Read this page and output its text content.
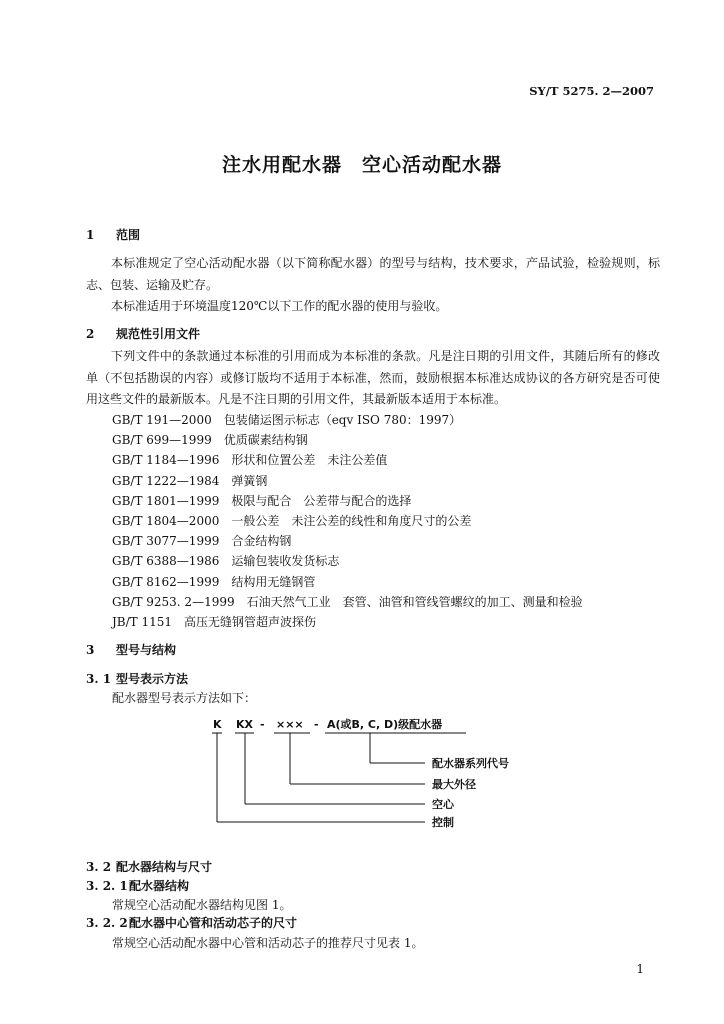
SY/T 5275. 2—2007
注水用配水器　空心活动配水器
1 范围
本标准规定了空心活动配水器（以下简称配水器）的型号与结构，技术要求，产品试验，检验规则，标志、包装、运输及贮存。
本标准适用于环境温度120℃以下工作的配水器的使用与验收。
2 规范性引用文件
下列文件中的条款通过本标准的引用而成为本标准的条款。凡是注日期的引用文件，其随后所有的修改单（不包括勘误的内容）或修订版均不适用于本标准，然而，鼓励根据本标准达成协议的各方研究是否可使用这些文件的最新版本。凡是不注日期的引用文件，其最新版本适用于本标准。
GB/T 191—2000　包装储运图示标志（eqv ISO 780：1997）
GB/T 699—1999　优质碳素结构钢
GB/T 1184—1996　形状和位置公差　未注公差值
GB/T 1222—1984　弹簧钢
GB/T 1801—1999　极限与配合　公差带与配合的选择
GB/T 1804—2000　一般公差　未注公差的线性和角度尺寸的公差
GB/T 3077—1999　合金结构钢
GB/T 6388—1986　运输包装收发货标志
GB/T 8162—1999　结构用无缝钢管
GB/T 9253. 2—1999　石油天然气工业　套管、油管和管线管螺纹的加工、测量和检验
JB/T 1151　高压无缝钢管超声波探伤
3 型号与结构
3. 1 型号表示方法
配水器型号表示方法如下：
K KX - ××× - A(或B, C, D)级配水器
配水器系列代号
最大外径
空心
控制
3. 2 配水器结构与尺寸
3. 2. 1配水器结构
常规空心活动配水器结构见图 1。
3. 2. 2配水器中心管和活动芯子的尺寸
常规空心活动配水器中心管和活动芯子的推荐尺寸见表 1。
1
